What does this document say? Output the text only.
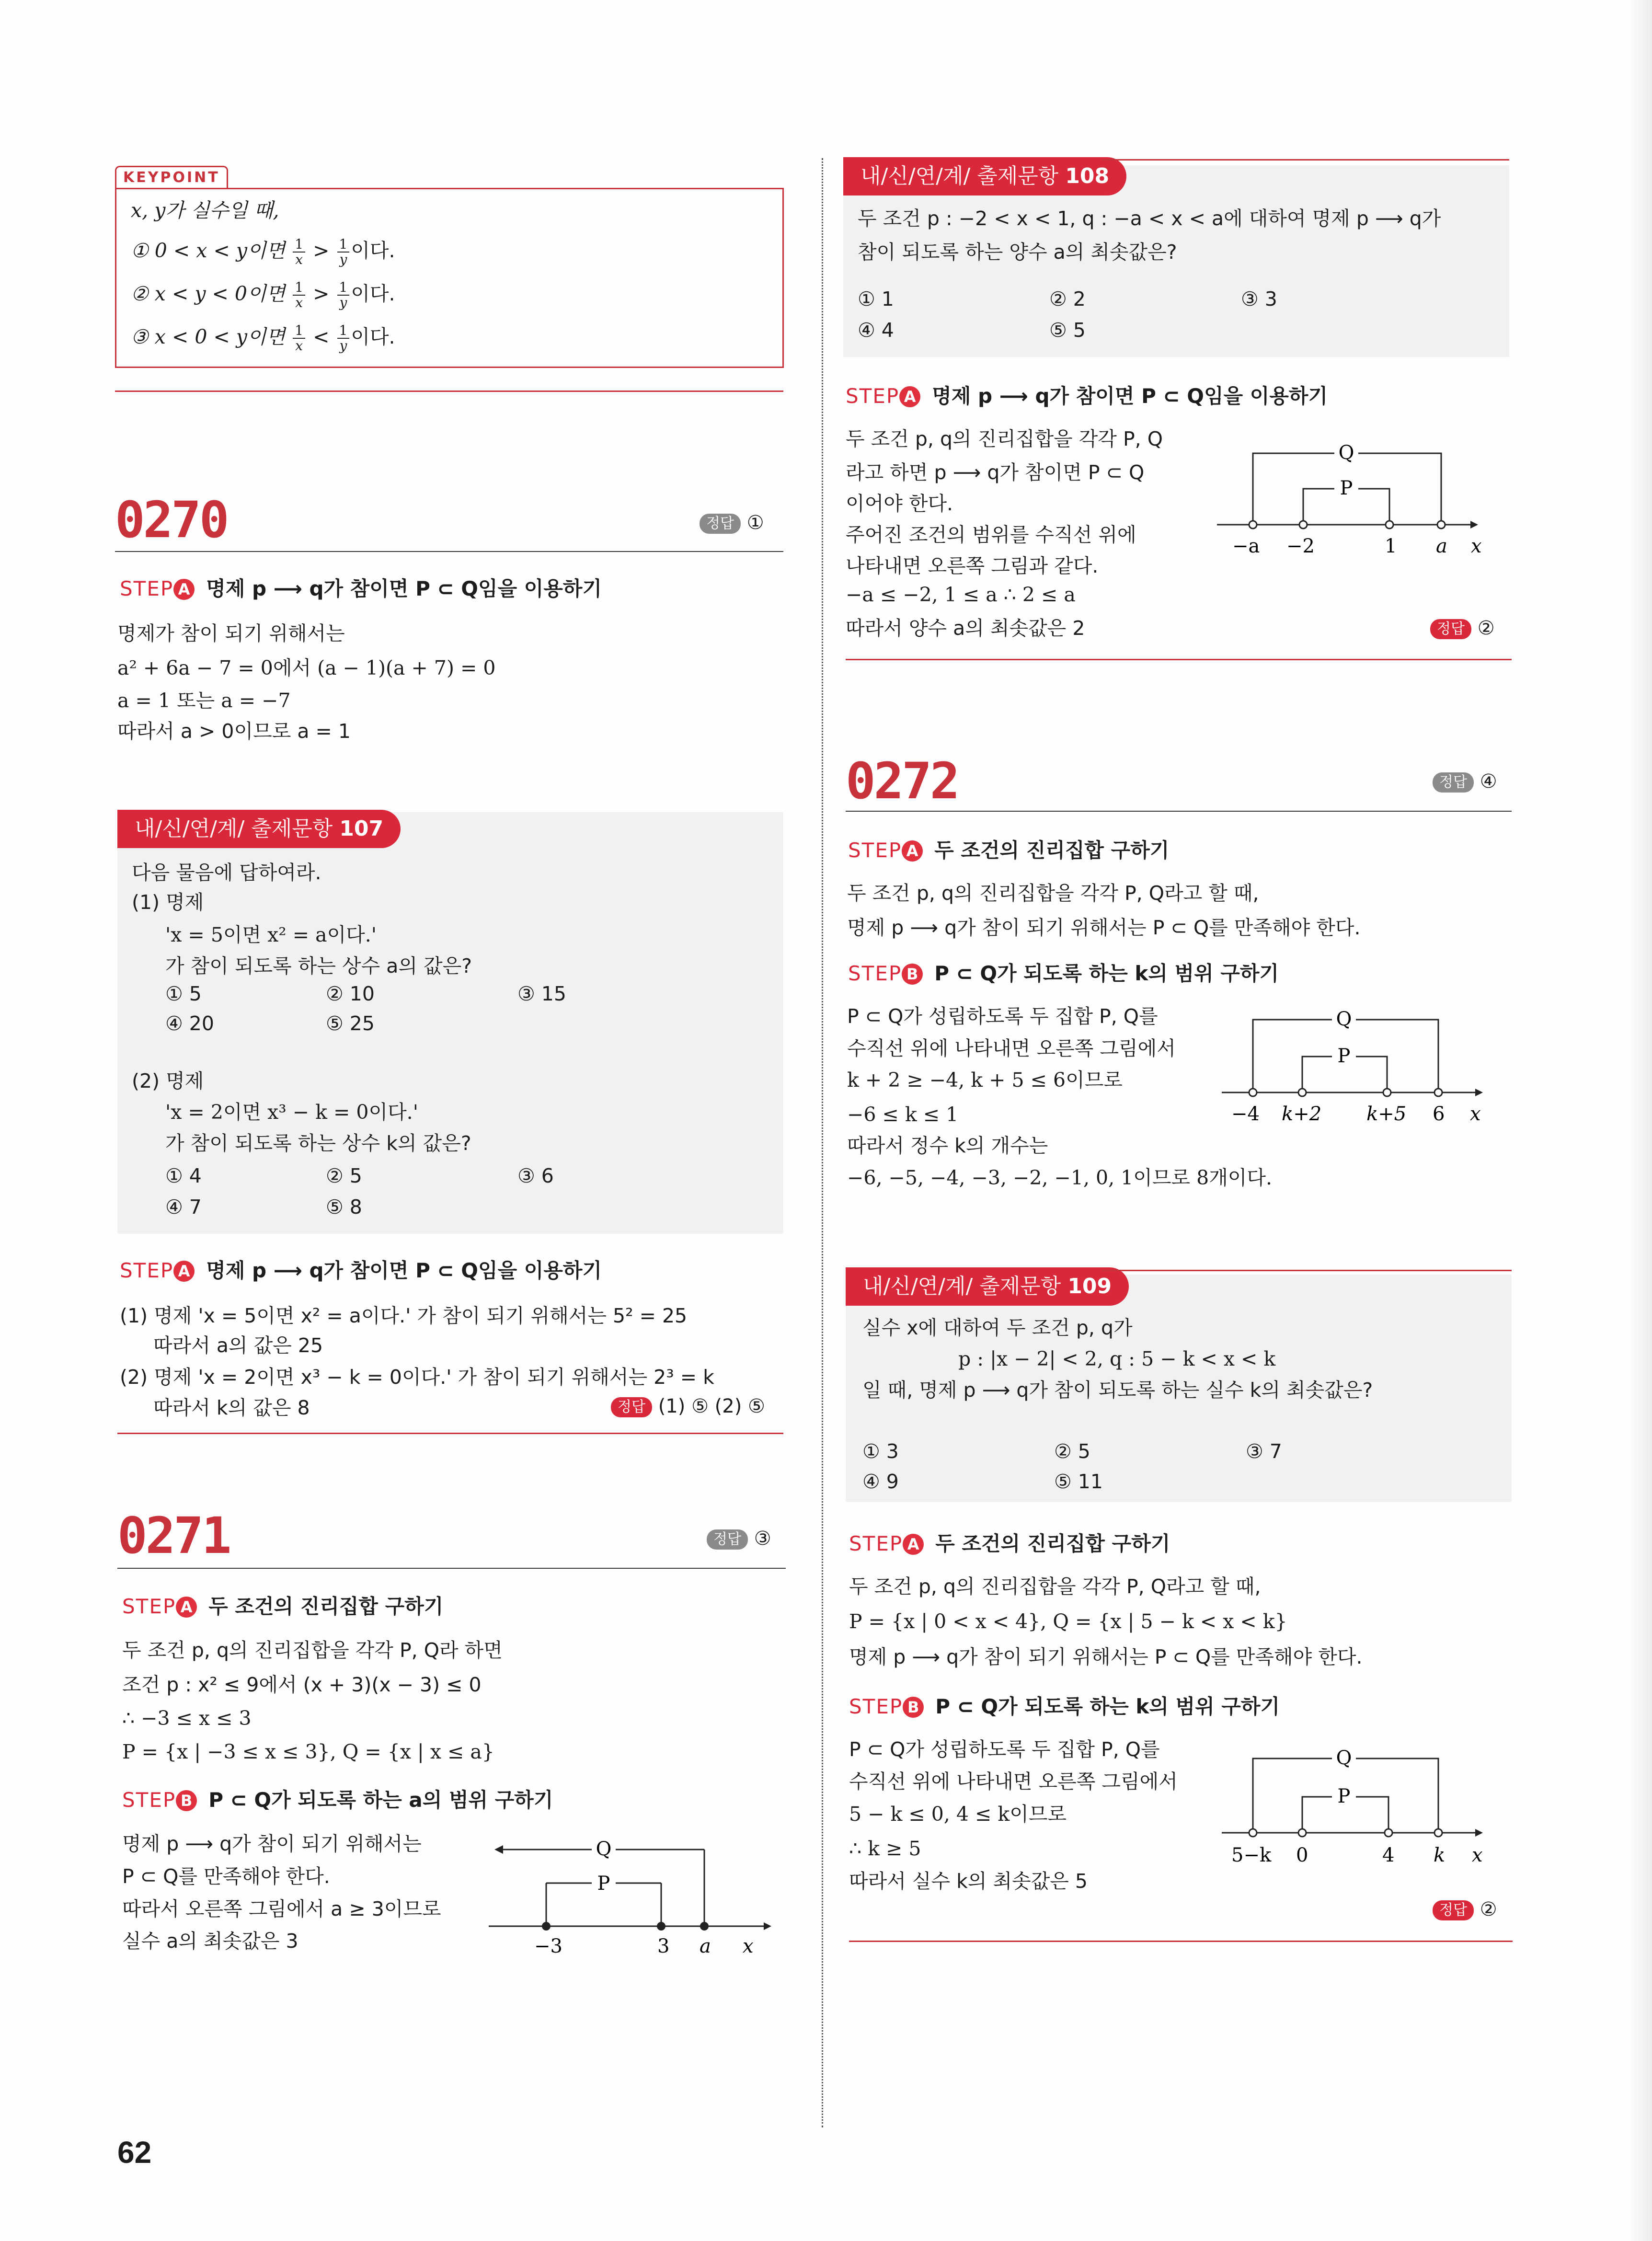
KEYPOINT
x, y가 실수일 때,
① 0 < x < y이면 $\frac{1}{x} > \frac{1}{y}$ 이다.
② x < y < 0이면 $\frac{1}{x} > \frac{1}{y}$ 이다.
③ x < 0 < y이면 $\frac{1}{x} < \frac{1}{y}$ 이다.
0270	정답 ①
STEP A 명제 p ⟶ q가 참이면 P ⊂ Q임을 이용하기
명제가 참이 되기 위해서는
a² + 6a − 7 = 0에서 (a − 1)(a + 7) = 0
a = 1 또는 a = −7
따라서 a > 0이므로 a = 1
내/신/연/계/ 출제문항 107
다음 물음에 답하여라.
(1) 명제
'x = 5이면 x² = a이다.'
가 참이 되도록 하는 상수 a의 값은?
① 5	② 10	③ 15
④ 20	⑤ 25
(2) 명제
'x = 2이면 x³ − k = 0이다.'
가 참이 되도록 하는 상수 k의 값은?
① 4	② 5	③ 6
④ 7	⑤ 8
STEP A 명제 p ⟶ q가 참이면 P ⊂ Q임을 이용하기
(1) 명제 'x = 5이면 x² = a이다.' 가 참이 되기 위해서는 5² = 25
따라서 a의 값은 25
(2) 명제 'x = 2이면 x³ − k = 0이다.' 가 참이 되기 위해서는 2³ = k
따라서 k의 값은 8	정답 (1) ⑤ (2) ⑤
0271	정답 ③
STEP A 두 조건의 진리집합 구하기
두 조건 p, q의 진리집합을 각각 P, Q라 하면
조건 p : x² ≤ 9에서 (x + 3)(x − 3) ≤ 0
∴ −3 ≤ x ≤ 3
P = {x | −3 ≤ x ≤ 3}, Q = {x | x ≤ a}
STEP B P ⊂ Q가 되도록 하는 a의 범위 구하기
명제 p ⟶ q가 참이 되기 위해서는
P ⊂ Q를 만족해야 한다.
따라서 오른쪽 그림에서 a ≥ 3이므로
실수 a의 최솟값은 3
Q
P
−3	3 a x
62
내/신/연/계/ 출제문항 108
두 조건 p : −2 < x < 1, q : −a < x < a에 대하여 명제 p ⟶ q가
참이 되도록 하는 양수 a의 최솟값은?
① 1	② 2	③ 3
④ 4	⑤ 5
STEP A 명제 p ⟶ q가 참이면 P ⊂ Q임을 이용하기
두 조건 p, q의 진리집합을 각각 P, Q
라고 하면 p ⟶ q가 참이면 P ⊂ Q
이어야 한다.
주어진 조건의 범위를 수직선 위에
나타내면 오른쪽 그림과 같다.
−a ≤ −2, 1 ≤ a ∴ 2 ≤ a
따라서 양수 a의 최솟값은 2	정답 ②
Q
P
−a −2	1 a x
0272	정답 ④
STEP A 두 조건의 진리집합 구하기
두 조건 p, q의 진리집합을 각각 P, Q라고 할 때,
명제 p ⟶ q가 참이 되기 위해서는 P ⊂ Q를 만족해야 한다.
STEP B P ⊂ Q가 되도록 하는 k의 범위 구하기
P ⊂ Q가 성립하도록 두 집합 P, Q를
수직선 위에 나타내면 오른쪽 그림에서
k + 2 ≥ −4, k + 5 ≤ 6이므로
−6 ≤ k ≤ 1
따라서 정수 k의 개수는
−6, −5, −4, −3, −2, −1, 0, 1이므로 8개이다.
Q
P
−4 k+2 k+5 6 x
내/신/연/계/ 출제문항 109
실수 x에 대하여 두 조건 p, q가
p : |x − 2| < 2, q : 5 − k < x < k
일 때, 명제 p ⟶ q가 참이 되도록 하는 실수 k의 최솟값은?
① 3	② 5	③ 7
④ 9	⑤ 11
STEP A 두 조건의 진리집합 구하기
두 조건 p, q의 진리집합을 각각 P, Q라고 할 때,
P = {x | 0 < x < 4}, Q = {x | 5 − k < x < k}
명제 p ⟶ q가 참이 되기 위해서는 P ⊂ Q를 만족해야 한다.
STEP B P ⊂ Q가 되도록 하는 k의 범위 구하기
P ⊂ Q가 성립하도록 두 집합 P, Q를
수직선 위에 나타내면 오른쪽 그림에서
5 − k ≤ 0, 4 ≤ k이므로
∴ k ≥ 5
따라서 실수 k의 최솟값은 5
정답 ②
Q
P
5−k 0	4 k x
